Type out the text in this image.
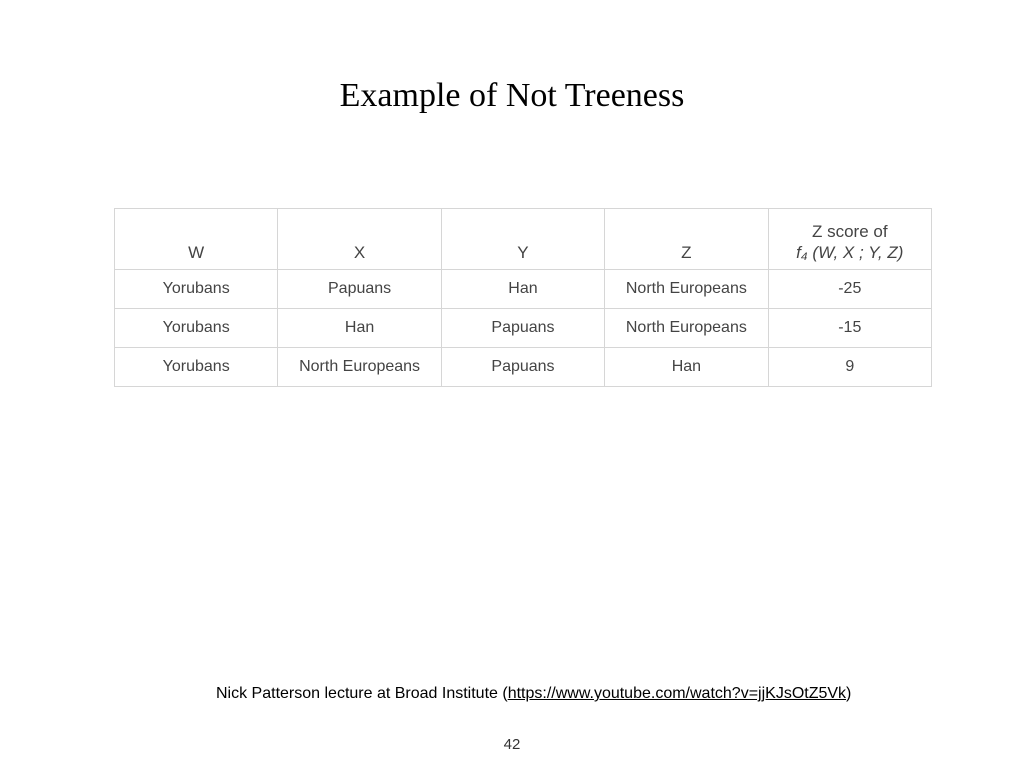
Example of Not Treeness
W	X	Y	Z	Z score of
f₄ (W, X ; Y, Z)

Yorubans	Papuans	Han	North Europeans	-25
Yorubans	Han	Papuans	North Europeans	-15
Yorubans	North Europeans	Papuans	Han	9
Nick Patterson lecture at Broad Institute (https://www.youtube.com/watch?v=jjKJsOtZ5Vk)
42
